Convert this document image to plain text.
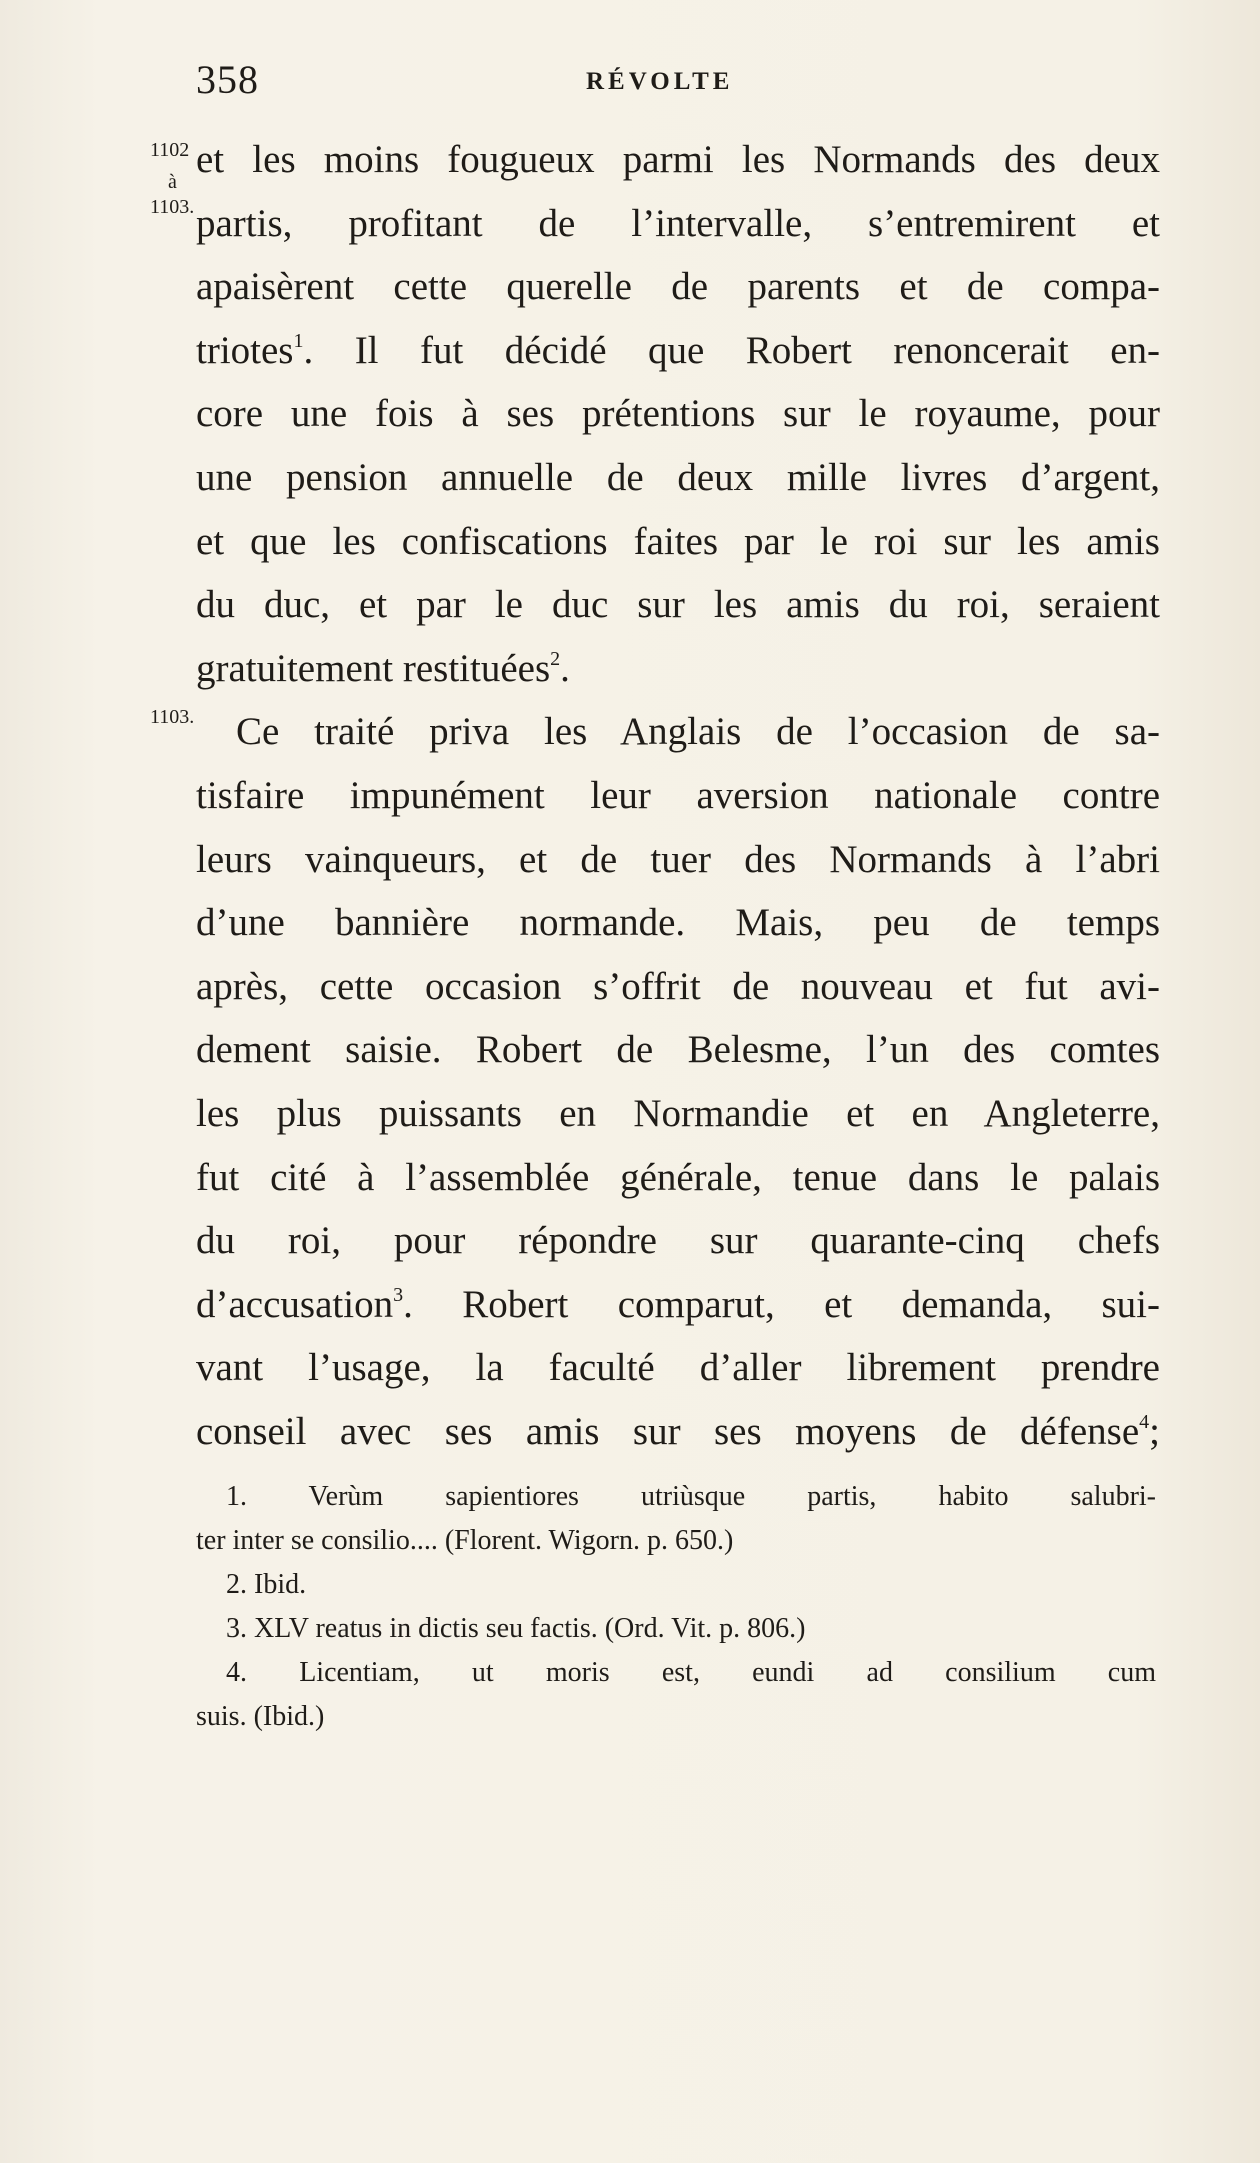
358	RÉVOLTE
1102
à
1103.
1103.
et les moins fougueux parmi les Normands des deux
partis, profitant de l’intervalle, s’entremirent et
apaisèrent cette querelle de parents et de compa-
triotes$^1$. Il fut décidé que Robert renoncerait en-
core une fois à ses prétentions sur le royaume, pour
une pension annuelle de deux mille livres d’argent,
et que les confiscations faites par le roi sur les amis
du duc, et par le duc sur les amis du roi, seraient
gratuitement restituées$^2$.
Ce traité priva les Anglais de l’occasion de sa-
tisfaire impunément leur aversion nationale contre
leurs vainqueurs, et de tuer des Normands à l’abri
d’une bannière normande. Mais, peu de temps
après, cette occasion s’offrit de nouveau et fut avi-
dement saisie. Robert de Belesme, l’un des comtes
les plus puissants en Normandie et en Angleterre,
fut cité à l’assemblée générale, tenue dans le palais
du roi, pour répondre sur quarante-cinq chefs
d’accusation$^3$. Robert comparut, et demanda, sui-
vant l’usage, la faculté d’aller librement prendre
conseil avec ses amis sur ses moyens de défense$^4$;
1. Verùm sapientiores utriùsque partis, habito salubri-
ter inter se consilio.... (Florent. Wigorn. p. 650.)
2. Ibid.
3. XLV reatus in dictis seu factis. (Ord. Vit. p. 806.)
4. Licentiam, ut moris est, eundi ad consilium cum
suis. (Ibid.)
